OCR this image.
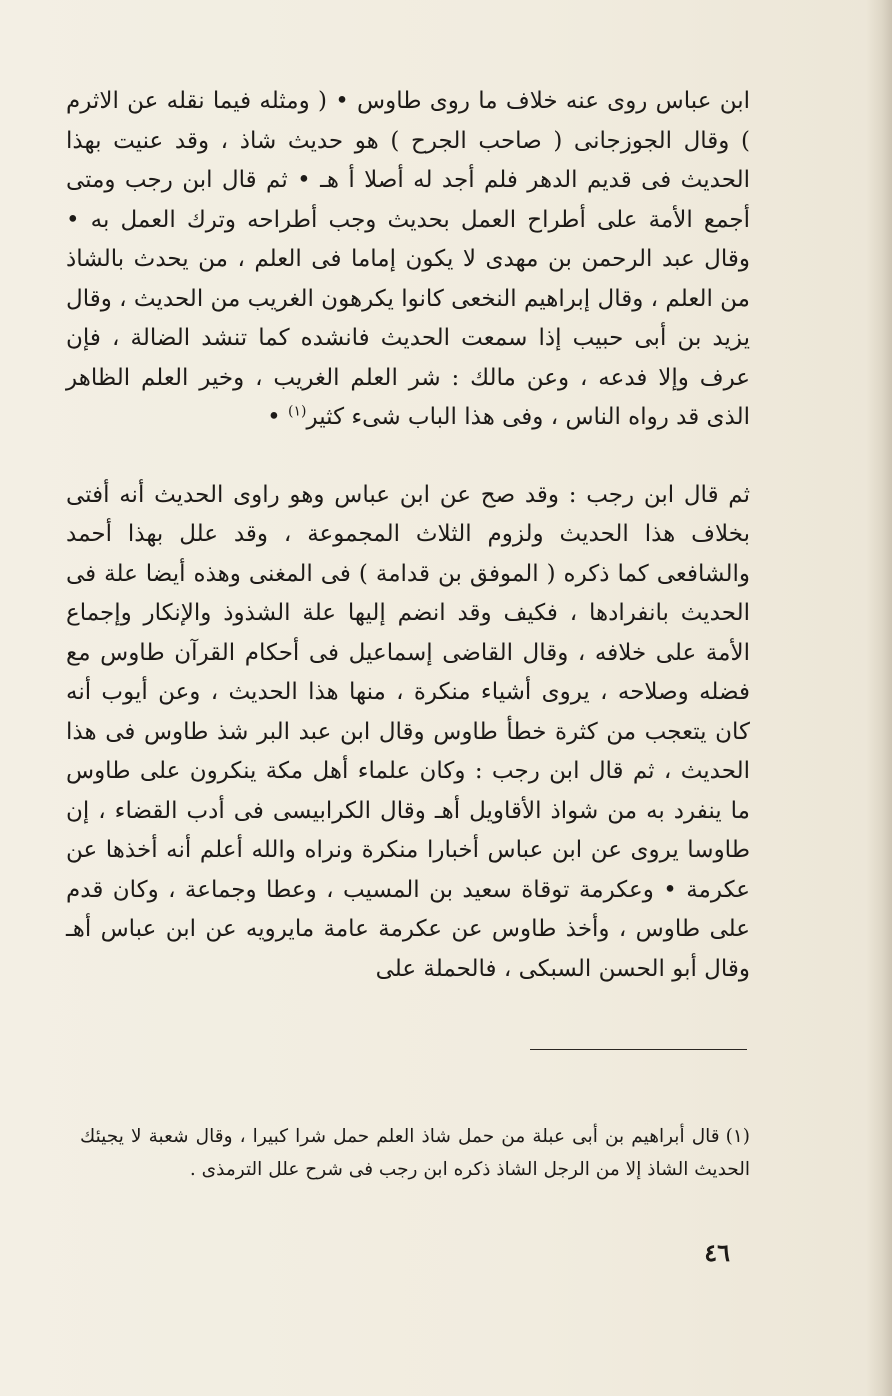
ابن عباس روى عنه خلاف ما روى طاوس • ( ومثله فيما نقله عن الاثرم ) وقال الجوزجانى ( صاحب الجرح ) هو حديث شاذ ، وقد عنيت بهذا الحديث فى قديم الدهر فلم أجد له أصلا أ هـ • ثم قال ابن رجب ومتى أجمع الأمة على أطراح العمل بحديث وجب أطراحه وترك العمل به • وقال عبد الرحمن بن مهدى لا يكون إماما فى العلم ، من يحدث بالشاذ من العلم ، وقال إبراهيم النخعى كانوا يكرهون الغريب من الحديث ، وقال يزيد بن أبى حبيب إذا سمعت الحديث فانشده كما تنشد الضالة ، فإن عرف وإلا فدعه ، وعن مالك : شر العلم الغريب ، وخير العلم الظاهر الذى قد رواه الناس ، وفى هذا الباب شىء كثير$^{(١)}$ •

ثم قال ابن رجب : وقد صح عن ابن عباس وهو راوى الحديث أنه أفتى بخلاف هذا الحديث ولزوم الثلاث المجموعة ، وقد علل بهذا أحمد والشافعى كما ذكره ( الموفق بن قدامة ) فى المغنى وهذه أيضا علة فى الحديث بانفرادها ، فكيف وقد انضم إليها علة الشذوذ والإنكار وإجماع الأمة على خلافه ، وقال القاضى إسماعيل فى أحكام القرآن طاوس مع فضله وصلاحه ، يروى أشياء منكرة ، منها هذا الحديث ، وعن أيوب أنه كان يتعجب من كثرة خطأ طاوس وقال ابن عبد البر شذ طاوس فى هذا الحديث ، ثم قال ابن رجب : وكان علماء أهل مكة ينكرون على طاوس ما ينفرد به من شواذ الأقاويل أهـ وقال الكرابيسى فى أدب القضاء ، إن طاوسا يروى عن ابن عباس أخبارا منكرة ونراه والله أعلم أنه أخذها عن عكرمة • وعكرمة توقاة سعيد بن المسيب ، وعطا وجماعة ، وكان قدم على طاوس ، وأخذ طاوس عن عكرمة عامة مايرويه عن ابن عباس أهـ وقال أبو الحسن السبكى ، فالحملة على

(١)قال أبراهيم بن أبى عبلة من حمل شاذ العلم حمل شرا كبيرا ، وقال شعبة لا يجيئك الحديث الشاذ إلا من الرجل الشاذ ذكره ابن رجب فى شرح علل الترمذى .

٤٦
